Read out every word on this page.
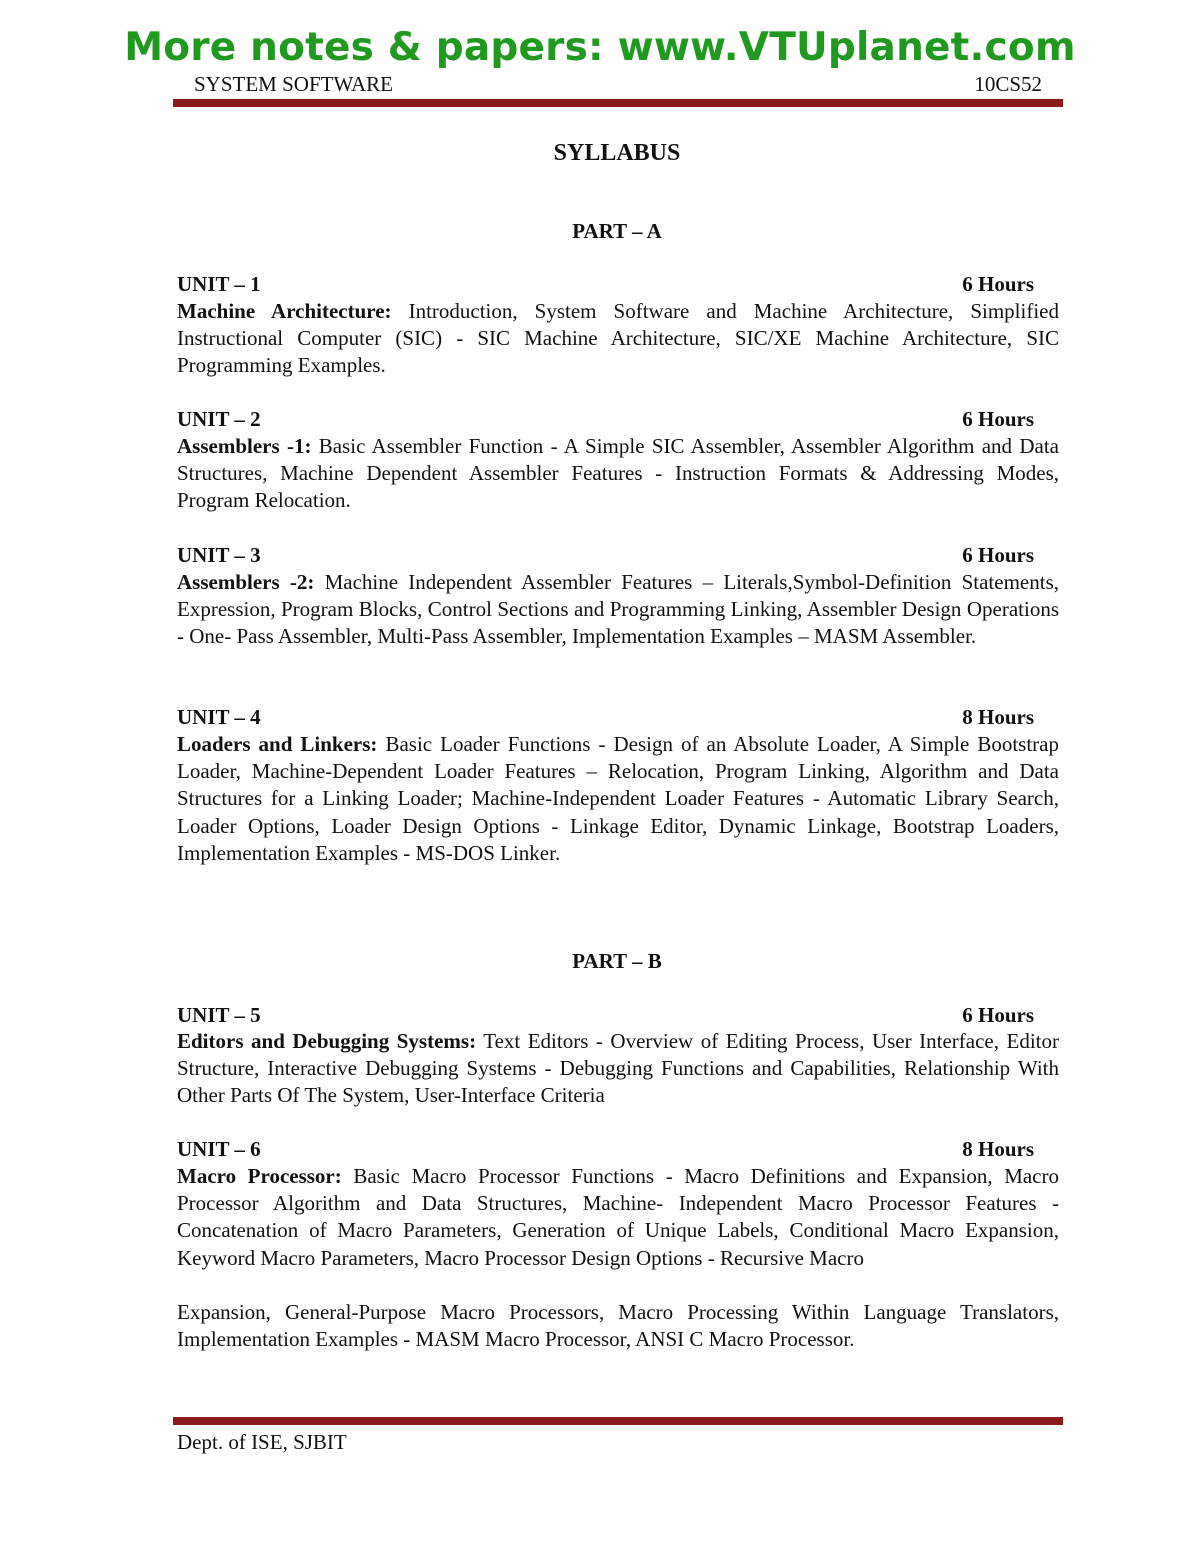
More notes & papers: www.VTUplanet.com
SYSTEM SOFTWARE	10CS52
SYLLABUS
PART – A
UNIT – 1	6 Hours
Machine Architecture: Introduction, System Software and Machine Architecture, Simplified Instructional Computer (SIC) - SIC Machine Architecture, SIC/XE Machine Architecture, SIC Programming Examples.
UNIT – 2	6 Hours
Assemblers -1: Basic Assembler Function - A Simple SIC Assembler, Assembler Algorithm and Data Structures, Machine Dependent Assembler Features - Instruction Formats & Addressing Modes, Program Relocation.
UNIT – 3	6 Hours
Assemblers -2: Machine Independent Assembler Features – Literals,Symbol-Definition Statements, Expression, Program Blocks, Control Sections and Programming Linking, Assembler Design Operations - One- Pass Assembler, Multi-Pass Assembler, Implementation Examples – MASM Assembler.
UNIT – 4	8 Hours
Loaders and Linkers: Basic Loader Functions - Design of an Absolute Loader, A Simple Bootstrap Loader, Machine-Dependent Loader Features – Relocation, Program Linking, Algorithm and Data Structures for a Linking Loader; Machine-Independent Loader Features - Automatic Library Search, Loader Options, Loader Design Options - Linkage Editor, Dynamic Linkage, Bootstrap Loaders, Implementation Examples - MS-DOS Linker.
PART – B
UNIT – 5	6 Hours
Editors and Debugging Systems: Text Editors - Overview of Editing Process, User Interface, Editor Structure, Interactive Debugging Systems - Debugging Functions and Capabilities, Relationship With Other Parts Of The System, User-Interface Criteria
UNIT – 6	8 Hours
Macro Processor: Basic Macro Processor Functions - Macro Definitions and Expansion, Macro Processor Algorithm and Data Structures, Machine- Independent Macro Processor Features - Concatenation of Macro Parameters, Generation of Unique Labels, Conditional Macro Expansion, Keyword Macro Parameters, Macro Processor Design Options - Recursive Macro
Expansion, General-Purpose Macro Processors, Macro Processing Within Language Translators, Implementation Examples - MASM Macro Processor, ANSI C Macro Processor.
Dept. of ISE, SJBIT
